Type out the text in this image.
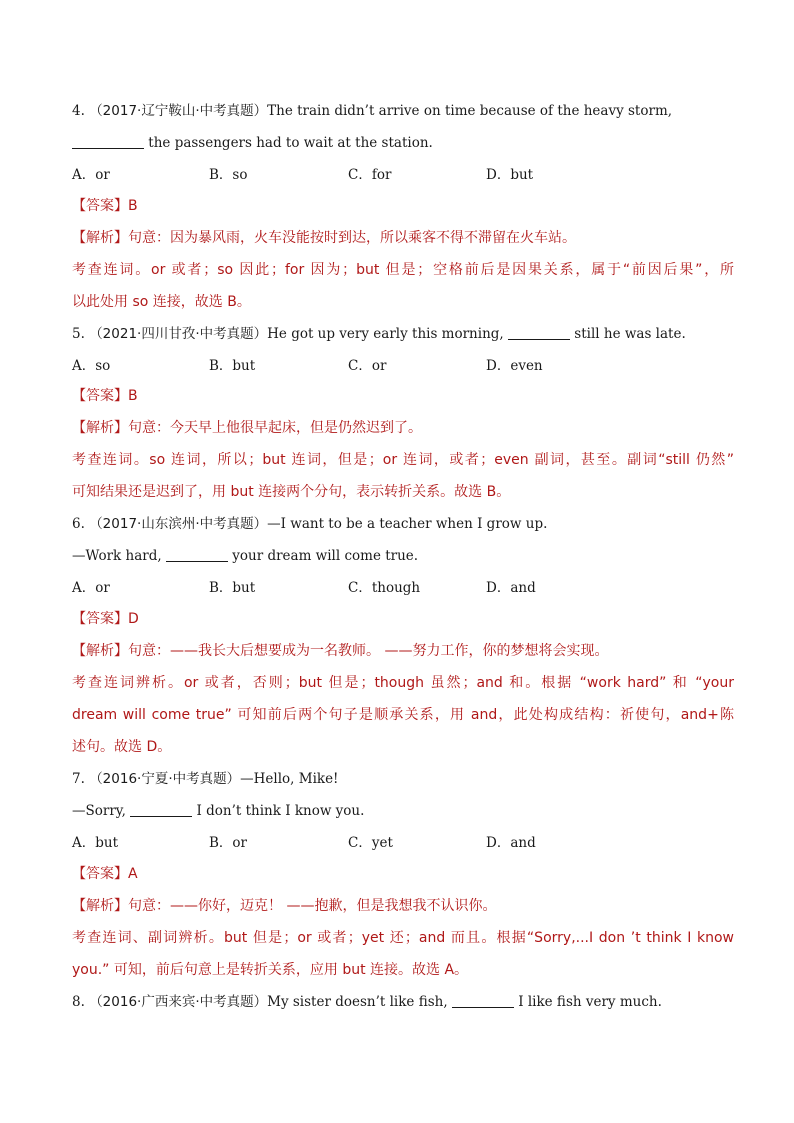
4. （2017·辽宁鞍山·中考真题）The train didn’t arrive on time because of the heavy storm,
the passengers had to wait at the station.
A．or	B．so	C．for	D．but
【答案】B
【解析】句意：因为暴风雨，火车没能按时到达，所以乘客不得不滞留在火车站。
考查连词。or 或者；so 因此；for 因为；but 但是；空格前后是因果关系，属于“前因后果”，所
以此处用 so 连接，故选 B。
5. （2021·四川甘孜·中考真题）He got up very early this morning,	still he was late.
A．so	B．but	C．or	D．even
【答案】B
【解析】句意：今天早上他很早起床，但是仍然迟到了。
考查连词。so 连词，所以；but 连词，但是；or 连词，或者；even 副词，甚至。副词“still 仍然”
可知结果还是迟到了，用 but 连接两个分句，表示转折关系。故选 B。
6. （2017·山东滨州·中考真题）—I want to be a teacher when I grow up.
—Work hard,	your dream will come true.
A．or	B．but	C．though	D．and
【答案】D
【解析】句意：——我长大后想要成为一名教师。 ——努力工作，你的梦想将会实现。
考查连词辨析。or 或者，否则；but 但是；though 虽然；and 和。根据 “work hard” 和 “your
dream will come true” 可知前后两个句子是顺承关系，用 and，此处构成结构：祈使句，and+陈
述句。故选 D。
7. （2016·宁夏·中考真题）—Hello, Mike!
—Sorry,	I don’t think I know you.
A．but	B．or	C．yet	D．and
【答案】A
【解析】句意：——你好，迈克！ ——抱歉，但是我想我不认识你。
考查连词、副词辨析。but 但是；or 或者；yet 还；and 而且。根据“Sorry,...I don ’t think I know
you.” 可知，前后句意上是转折关系，应用 but 连接。故选 A。
8. （2016·广西来宾·中考真题）My sister doesn’t like fish,	I like fish very much.
